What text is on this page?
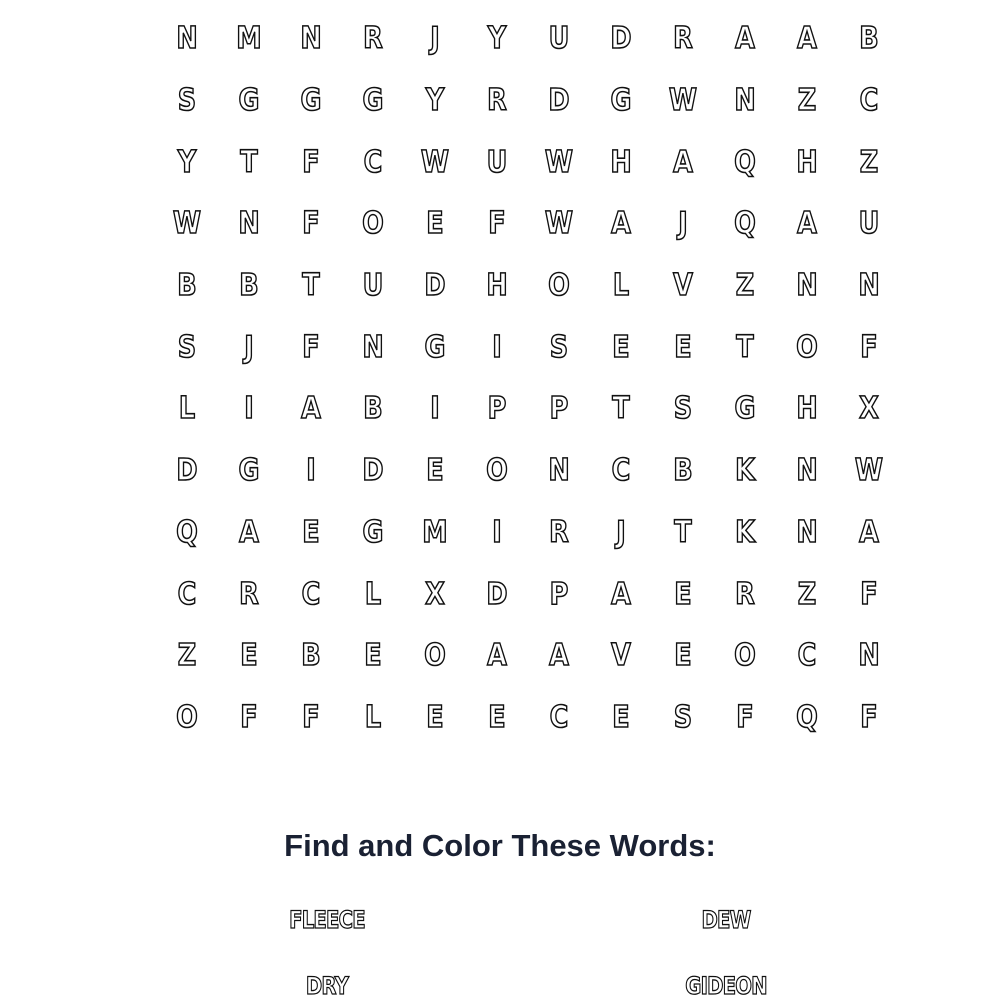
N	M	N	R	J	Y	U	D	R	A	A	B
S	G	G	G	Y	R	D	G	W	N	Z	C
Y	T	F	C	W	U	W	H	A	Q	H	Z
W	N	F	O	E	F	W	A	J	Q	A	U
B	B	T	U	D	H	O	L	V	Z	N	N
S	J	F	N	G	I	S	E	E	T	O	F
L	I	A	B	I	P	P	T	S	G	H	X
D	G	I	D	E	O	N	C	B	K	N	W
Q	A	E	G	M	I	R	J	T	K	N	A
C	R	C	L	X	D	P	A	E	R	Z	F
Z	E	B	E	O	A	A	V	E	O	C	N
O	F	F	L	E	E	C	E	S	F	Q	F
Find and Color These Words:
FLEECE	DEW
DRY	GIDEON
